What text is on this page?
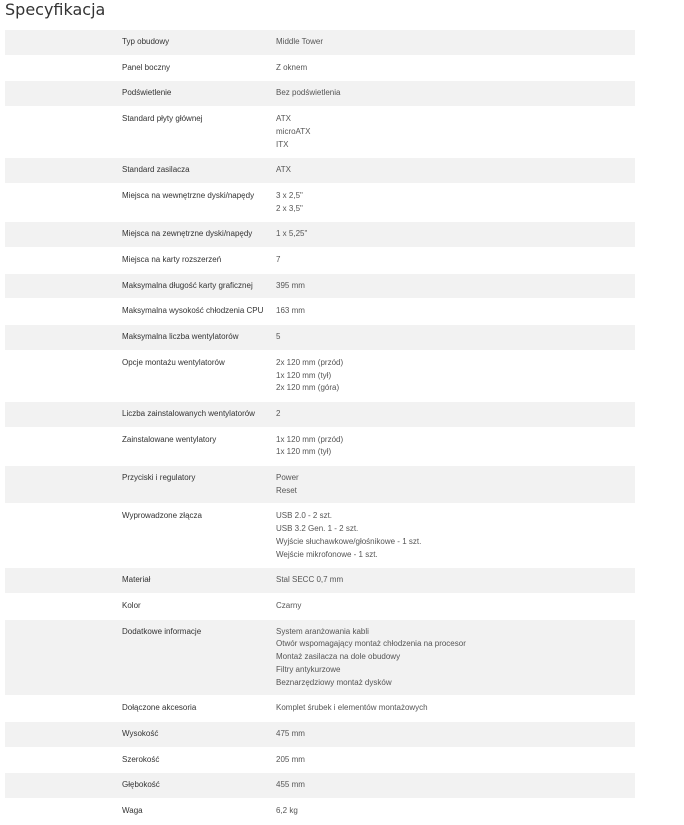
Specyfikacja
Typ obudowy	Middle Tower
Panel boczny	Z oknem
Podświetlenie	Bez podświetlenia
Standard płyty głównej	ATX
microATX
ITX
Standard zasilacza	ATX
Miejsca na wewnętrzne dyski/napędy	3 x 2,5"
2 x 3,5"
Miejsca na zewnętrzne dyski/napędy	1 x 5,25"
Miejsca na karty rozszerzeń	7
Maksymalna długość karty graficznej	395 mm
Maksymalna wysokość chłodzenia CPU	163 mm
Maksymalna liczba wentylatorów	5
Opcje montażu wentylatorów	2x 120 mm (przód)
1x 120 mm (tył)
2x 120 mm (góra)
Liczba zainstalowanych wentylatorów	2
Zainstalowane wentylatory	1x 120 mm (przód)
1x 120 mm (tył)
Przyciski i regulatory	Power
Reset
Wyprowadzone złącza	USB 2.0 - 2 szt.
USB 3.2 Gen. 1 - 2 szt.
Wyjście słuchawkowe/głośnikowe - 1 szt.
Wejście mikrofonowe - 1 szt.
Materiał	Stal SECC 0,7 mm
Kolor	Czarny
Dodatkowe informacje	System aranżowania kabli
Otwór wspomagający montaż chłodzenia na procesor
Montaż zasilacza na dole obudowy
Filtry antykurzowe
Beznarzędziowy montaż dysków
Dołączone akcesoria	Komplet śrubek i elementów montażowych
Wysokość	475 mm
Szerokość	205 mm
Głębokość	455 mm
Waga	6,2 kg
